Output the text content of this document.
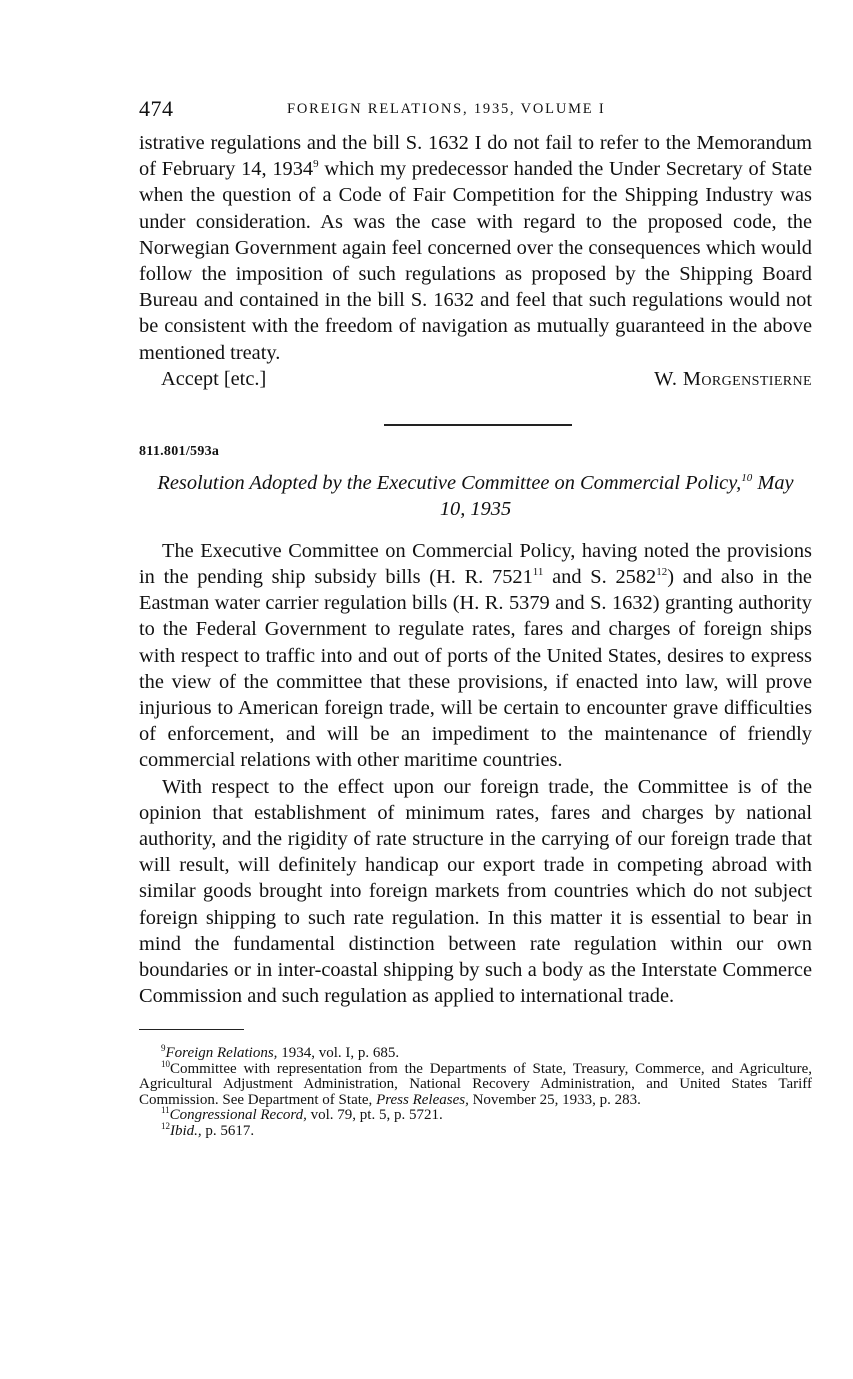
474	FOREIGN RELATIONS, 1935, VOLUME I

istrative regulations and the bill S. 1632 I do not fail to refer to the Memorandum of February 14, 1934$^9$ which my predecessor handed the Under Secretary of State when the question of a Code of Fair Competition for the Shipping Industry was under consideration. As was the case with regard to the proposed code, the Norwegian Government again feel concerned over the consequences which would follow the imposition of such regulations as proposed by the Shipping Board Bureau and contained in the bill S. 1632 and feel that such regulations would not be consistent with the freedom of navigation as mutually guaranteed in the above mentioned treaty.

Accept [etc.]	W. Morgenstierne
811.801/593a
Resolution Adopted by the Executive Committee on Commercial Policy,$^{10}$ May 10, 1935

The Executive Committee on Commercial Policy, having noted the provisions in the pending ship subsidy bills (H. R. 7521$^{11}$ and S. 2582$^{12}$) and also in the Eastman water carrier regulation bills (H. R. 5379 and S. 1632) granting authority to the Federal Government to regulate rates, fares and charges of foreign ships with respect to traffic into and out of ports of the United States, desires to express the view of the committee that these provisions, if enacted into law, will prove injurious to American foreign trade, will be certain to encounter grave difficulties of enforcement, and will be an impediment to the maintenance of friendly commercial relations with other maritime countries.

With respect to the effect upon our foreign trade, the Committee is of the opinion that establishment of minimum rates, fares and charges by national authority, and the rigidity of rate structure in the carrying of our foreign trade that will result, will definitely handicap our export trade in competing abroad with similar goods brought into foreign markets from countries which do not subject foreign shipping to such rate regulation. In this matter it is essential to bear in mind the fundamental distinction between rate regulation within our own boundaries or in inter-coastal shipping by such a body as the Interstate Commerce Commission and such regulation as applied to international trade.

$^9$Foreign Relations, 1934, vol. I, p. 685.

$^{10}$Committee with representation from the Departments of State, Treasury, Commerce, and Agriculture, Agricultural Adjustment Administration, National Recovery Administration, and United States Tariff Commission. See Department of State, Press Releases, November 25, 1933, p. 283.

$^{11}$Congressional Record, vol. 79, pt. 5, p. 5721.

$^{12}$Ibid., p. 5617.
